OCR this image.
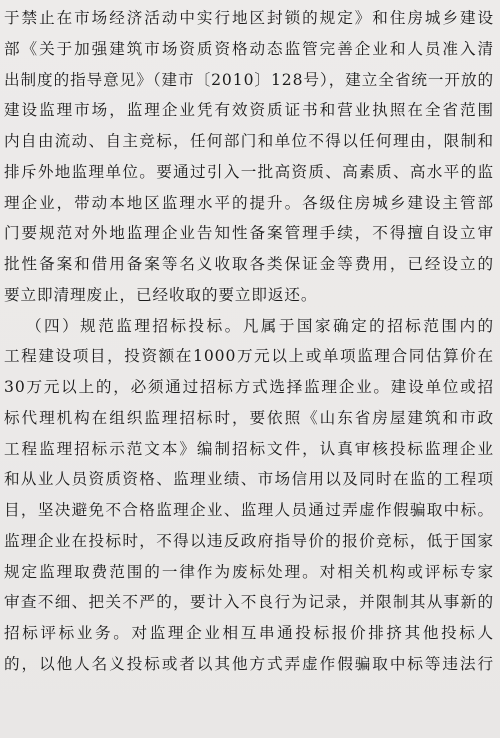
于禁止在市场经济活动中实行地区封锁的规定》和住房城乡建设
部《关于加强建筑市场资质资格动态监管完善企业和人员准入清
出制度的指导意见》（建市〔2010〕128号），建立全省统一开放的
建设监理市场，监理企业凭有效资质证书和营业执照在全省范围
内自由流动、自主竞标，任何部门和单位不得以任何理由，限制和
排斥外地监理单位。要通过引入一批高资质、高素质、高水平的监
理企业，带动本地区监理水平的提升。各级住房城乡建设主管部
门要规范对外地监理企业告知性备案管理手续，不得擅自设立审
批性备案和借用备案等名义收取各类保证金等费用，已经设立的
要立即清理废止，已经收取的要立即返还。
（四）规范监理招标投标。凡属于国家确定的招标范围内的
工程建设项目，投资额在1000万元以上或单项监理合同估算价在
30万元以上的，必须通过招标方式选择监理企业。建设单位或招
标代理机构在组织监理招标时，要依照《山东省房屋建筑和市政
工程监理招标示范文本》编制招标文件，认真审核投标监理企业
和从业人员资质资格、监理业绩、市场信用以及同时在监的工程项
目，坚决避免不合格监理企业、监理人员通过弄虚作假骗取中标。
监理企业在投标时，不得以违反政府指导价的报价竞标，低于国家
规定监理取费范围的一律作为废标处理。对相关机构或评标专家
审查不细、把关不严的，要计入不良行为记录，并限制其从事新的
招标评标业务。对监理企业相互串通投标报价排挤其他投标人
的，以他人名义投标或者以其他方式弄虚作假骗取中标等违法行
